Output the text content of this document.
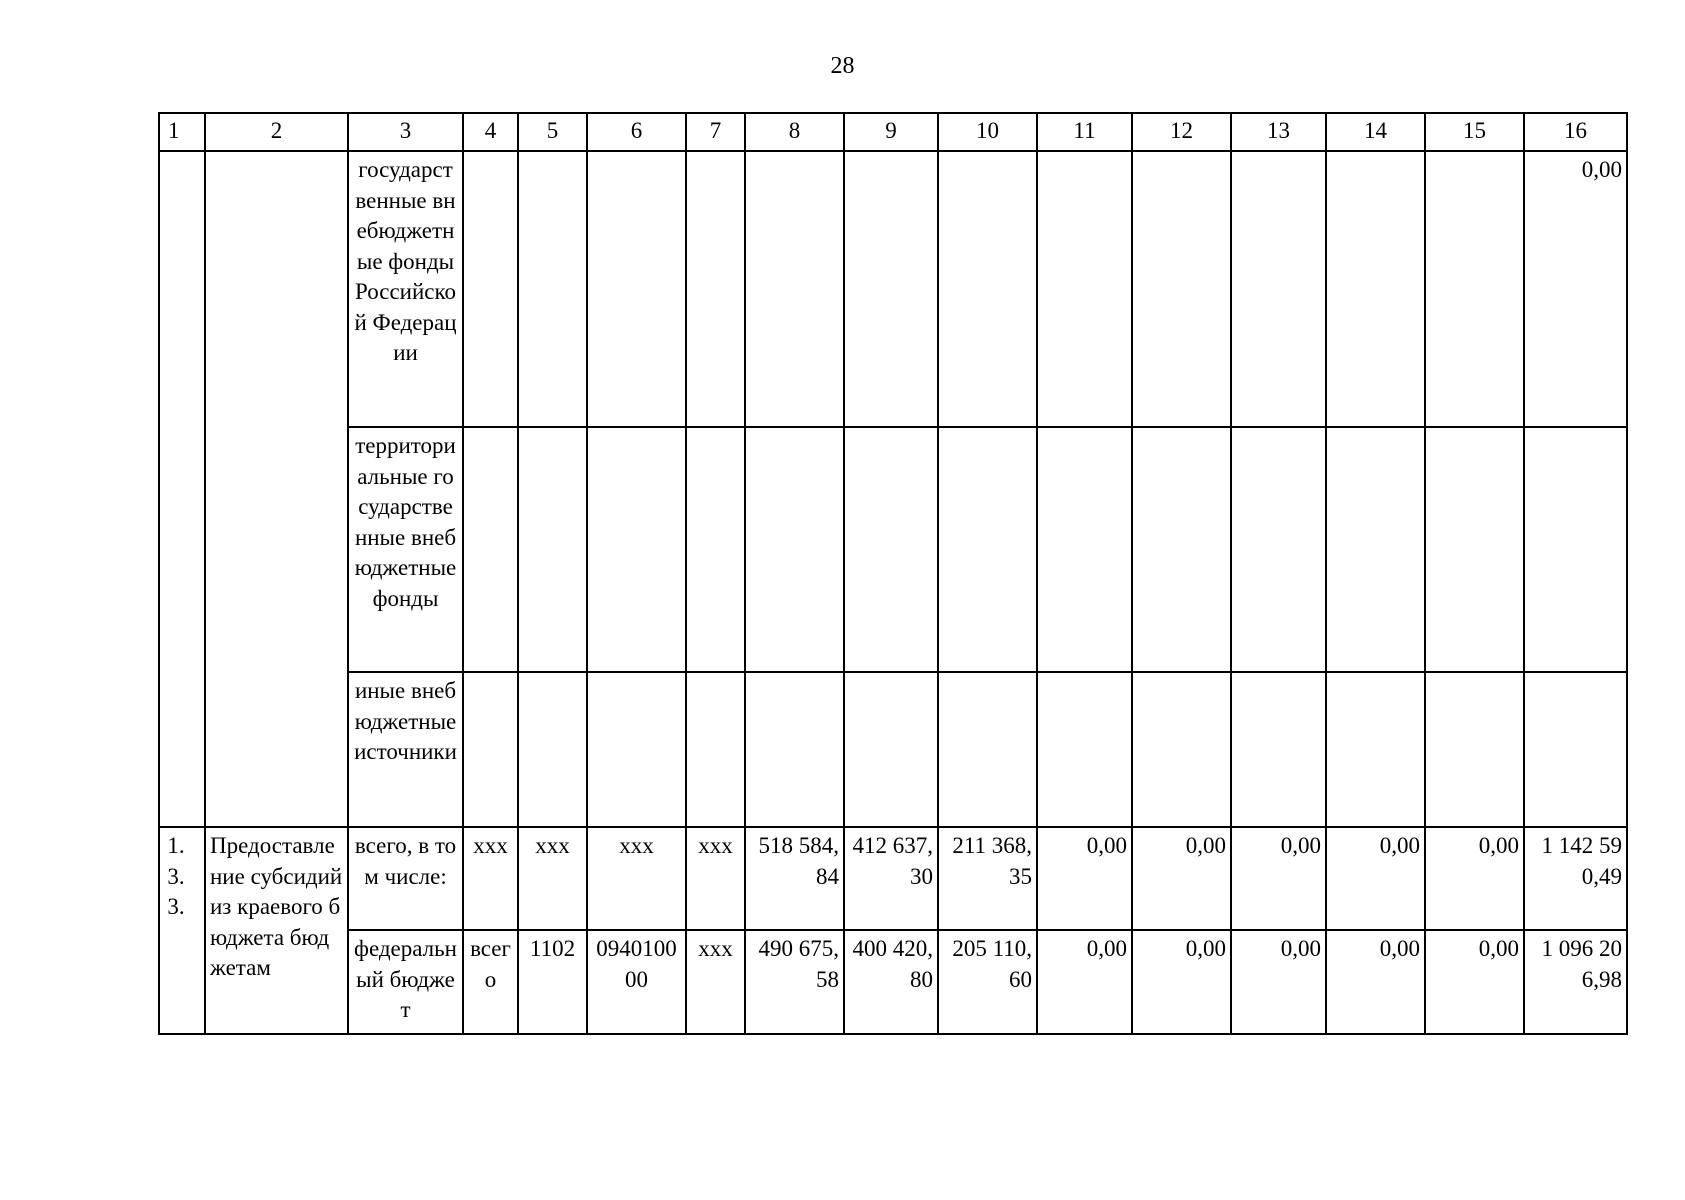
28
1	2	3	4	5	6	7	8	9	10	11	12	13	14	15	16	
		государственные внебюджетные фонды Российской Федерации													0,00	
		территориальные государственные внебюджетные фонды														
		иные внебюджетные источники														
1.3.3.	Предоставление субсидий из краевого бюджета бюджетам	всего, в том числе:	ххх	ххх	ххх	ххх	518 584,84	412 637,30	211 368,35	0,00	0,00	0,00	0,00	0,00	1 142 590,49	
		федеральный бюджет	всего	1102	094010000	ххх	490 675,58	400 420,80	205 110,60	0,00	0,00	0,00	0,00	0,00	1 096 206,98	
